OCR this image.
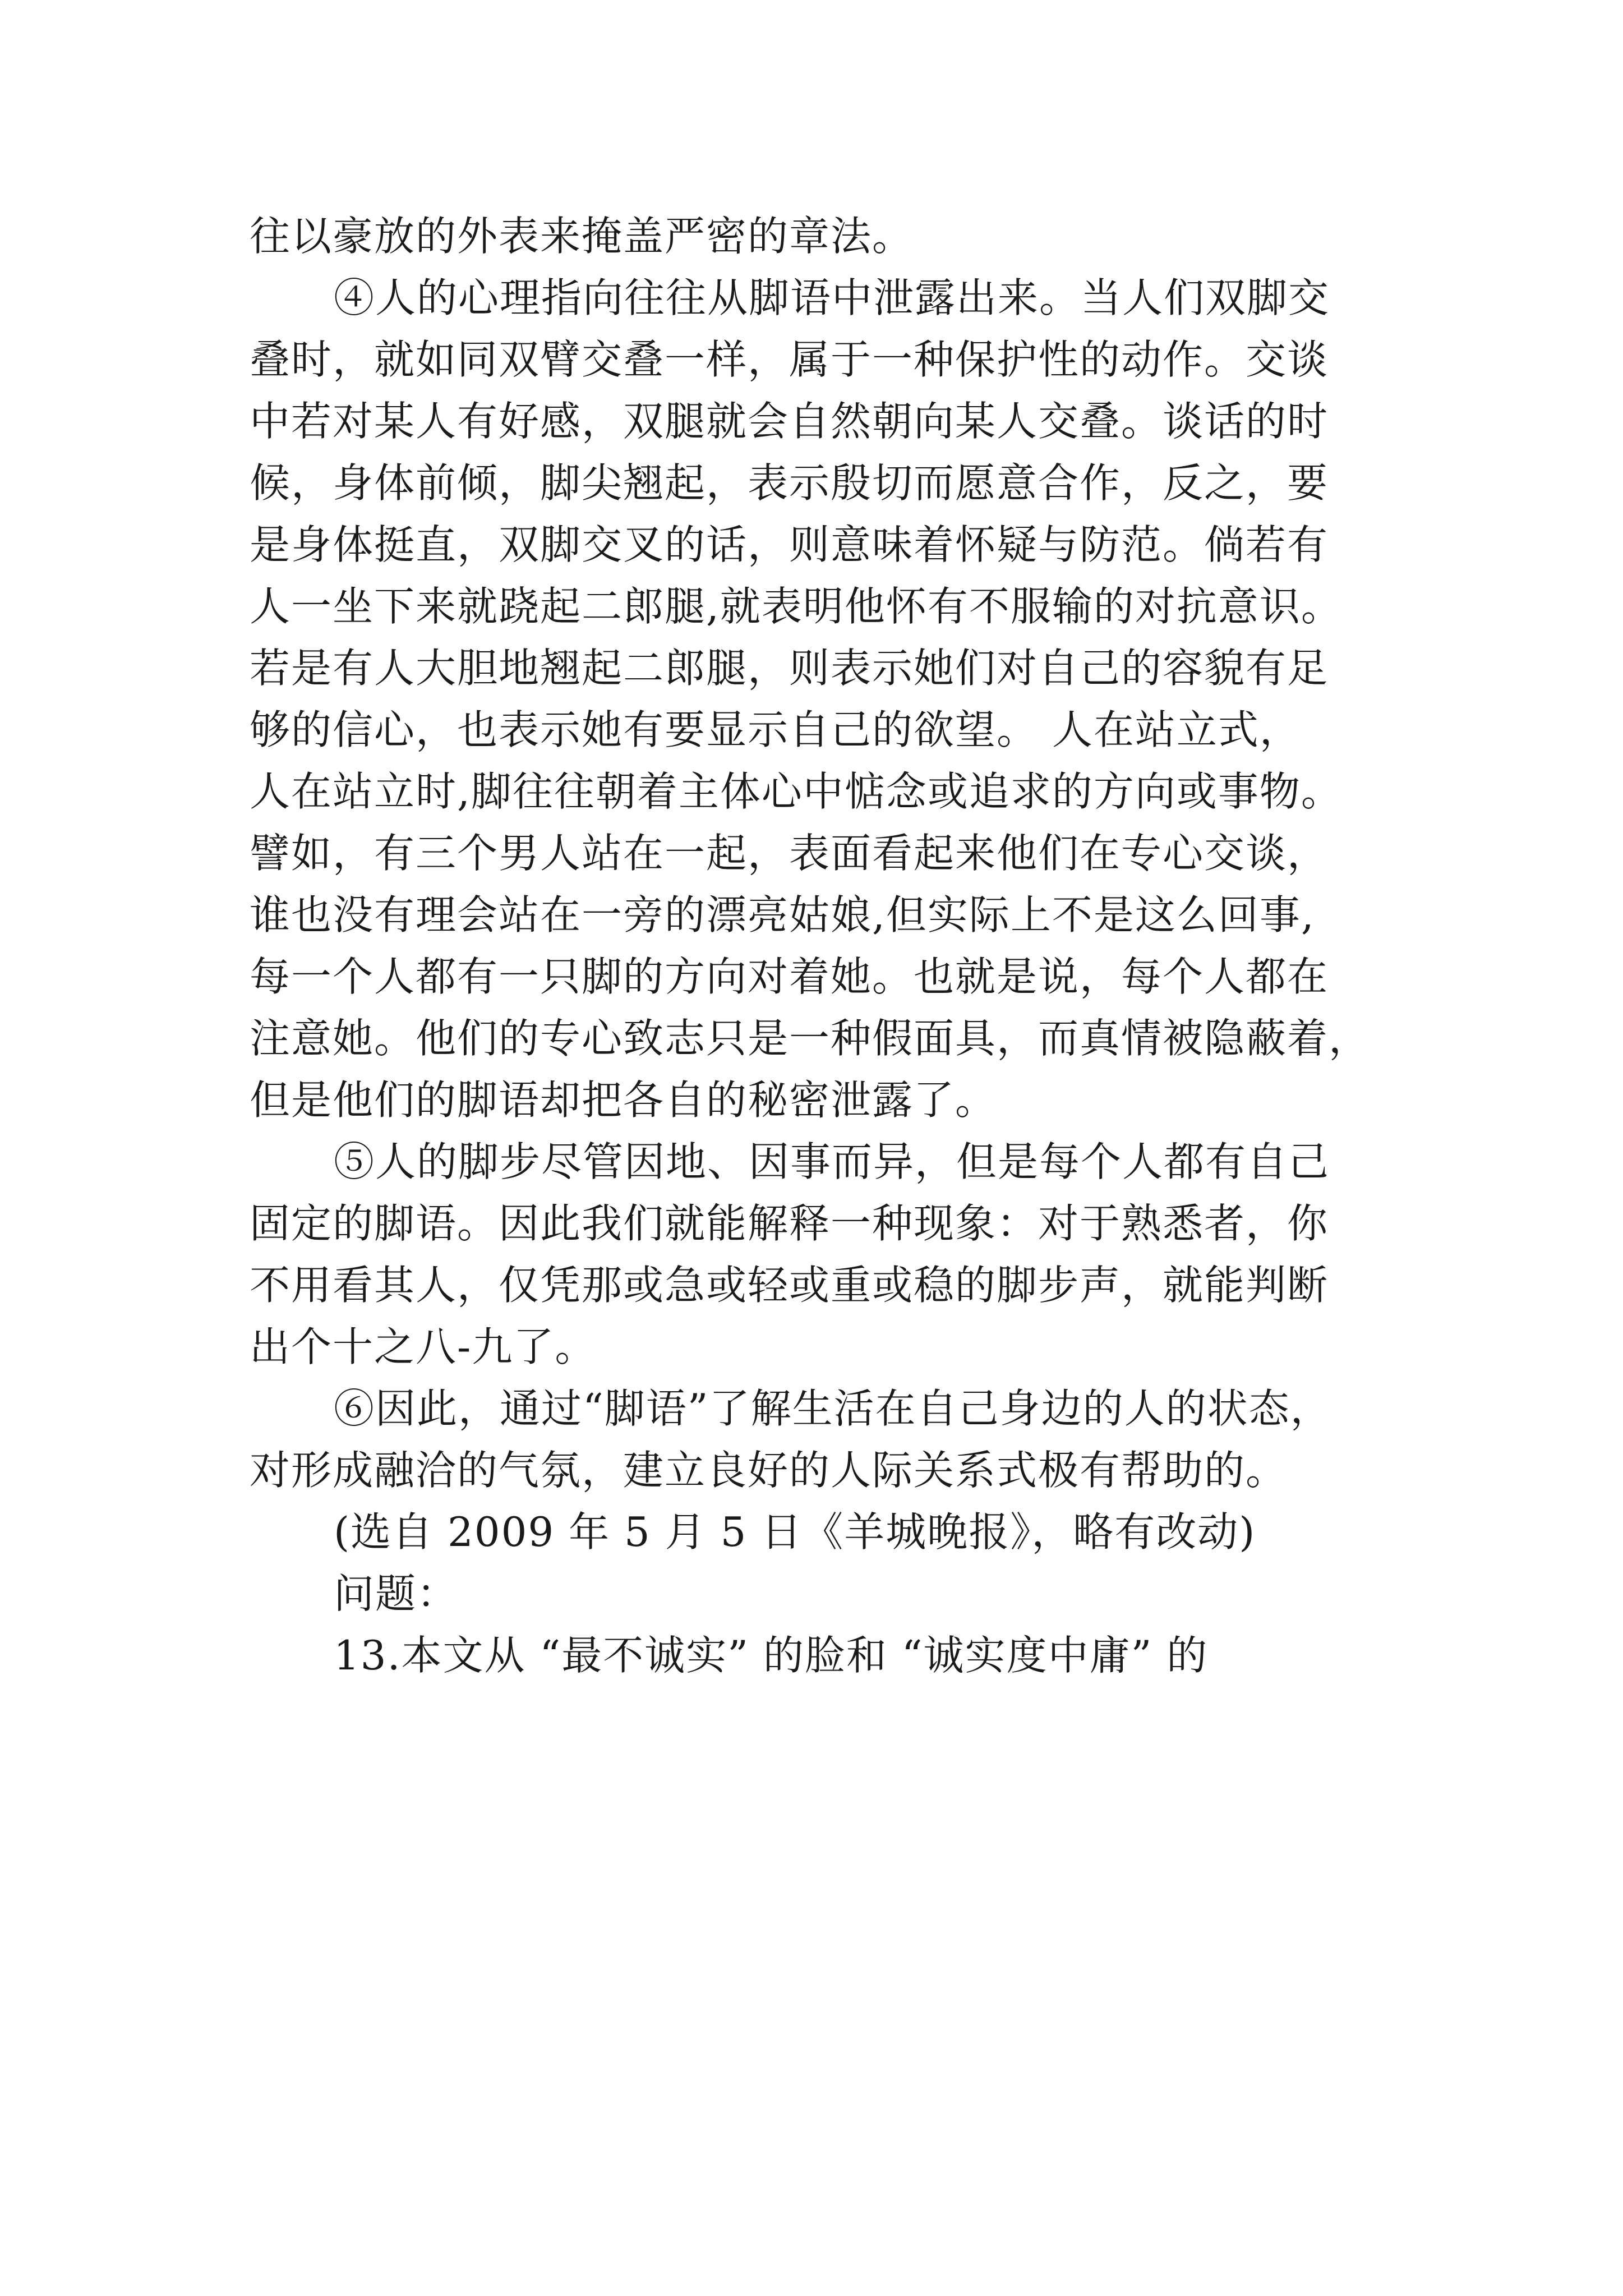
往以豪放的外表来掩盖严密的章法。
④人的心理指向往往从脚语中泄露出来。当人们双脚交
叠时，就如同双臂交叠一样，属于一种保护性的动作。交谈
中若对某人有好感，双腿就会自然朝向某人交叠。谈话的时
候，身体前倾，脚尖翘起，表示殷切而愿意合作，反之，要
是身体挺直，双脚交叉的话，则意味着怀疑与防范。倘若有
人一坐下来就跷起二郎腿,就表明他怀有不服输的对抗意识。
若是有人大胆地翘起二郎腿，则表示她们对自己的容貌有足
够的信心，也表示她有要显示自己的欲望。 人在站立式，
人在站立时,脚往往朝着主体心中惦念或追求的方向或事物。
譬如，有三个男人站在一起，表面看起来他们在专心交谈，
谁也没有理会站在一旁的漂亮姑娘,但实际上不是这么回事,
每一个人都有一只脚的方向对着她。也就是说，每个人都在
注意她。他们的专心致志只是一种假面具，而真情被隐蔽着，
但是他们的脚语却把各自的秘密泄露了。
⑤人的脚步尽管因地、因事而异，但是每个人都有自己
固定的脚语。因此我们就能解释一种现象：对于熟悉者，你
不用看其人，仅凭那或急或轻或重或稳的脚步声，就能判断
出个十之八-九了。
⑥因此，通过“脚语”了解生活在自己身边的人的状态，
对形成融洽的气氛，建立良好的人际关系式极有帮助的。
(选自 2009 年 5 月 5 日《羊城晚报》，略有改动)
问题：
13.本文从 “最不诚实” 的脸和 “诚实度中庸” 的
